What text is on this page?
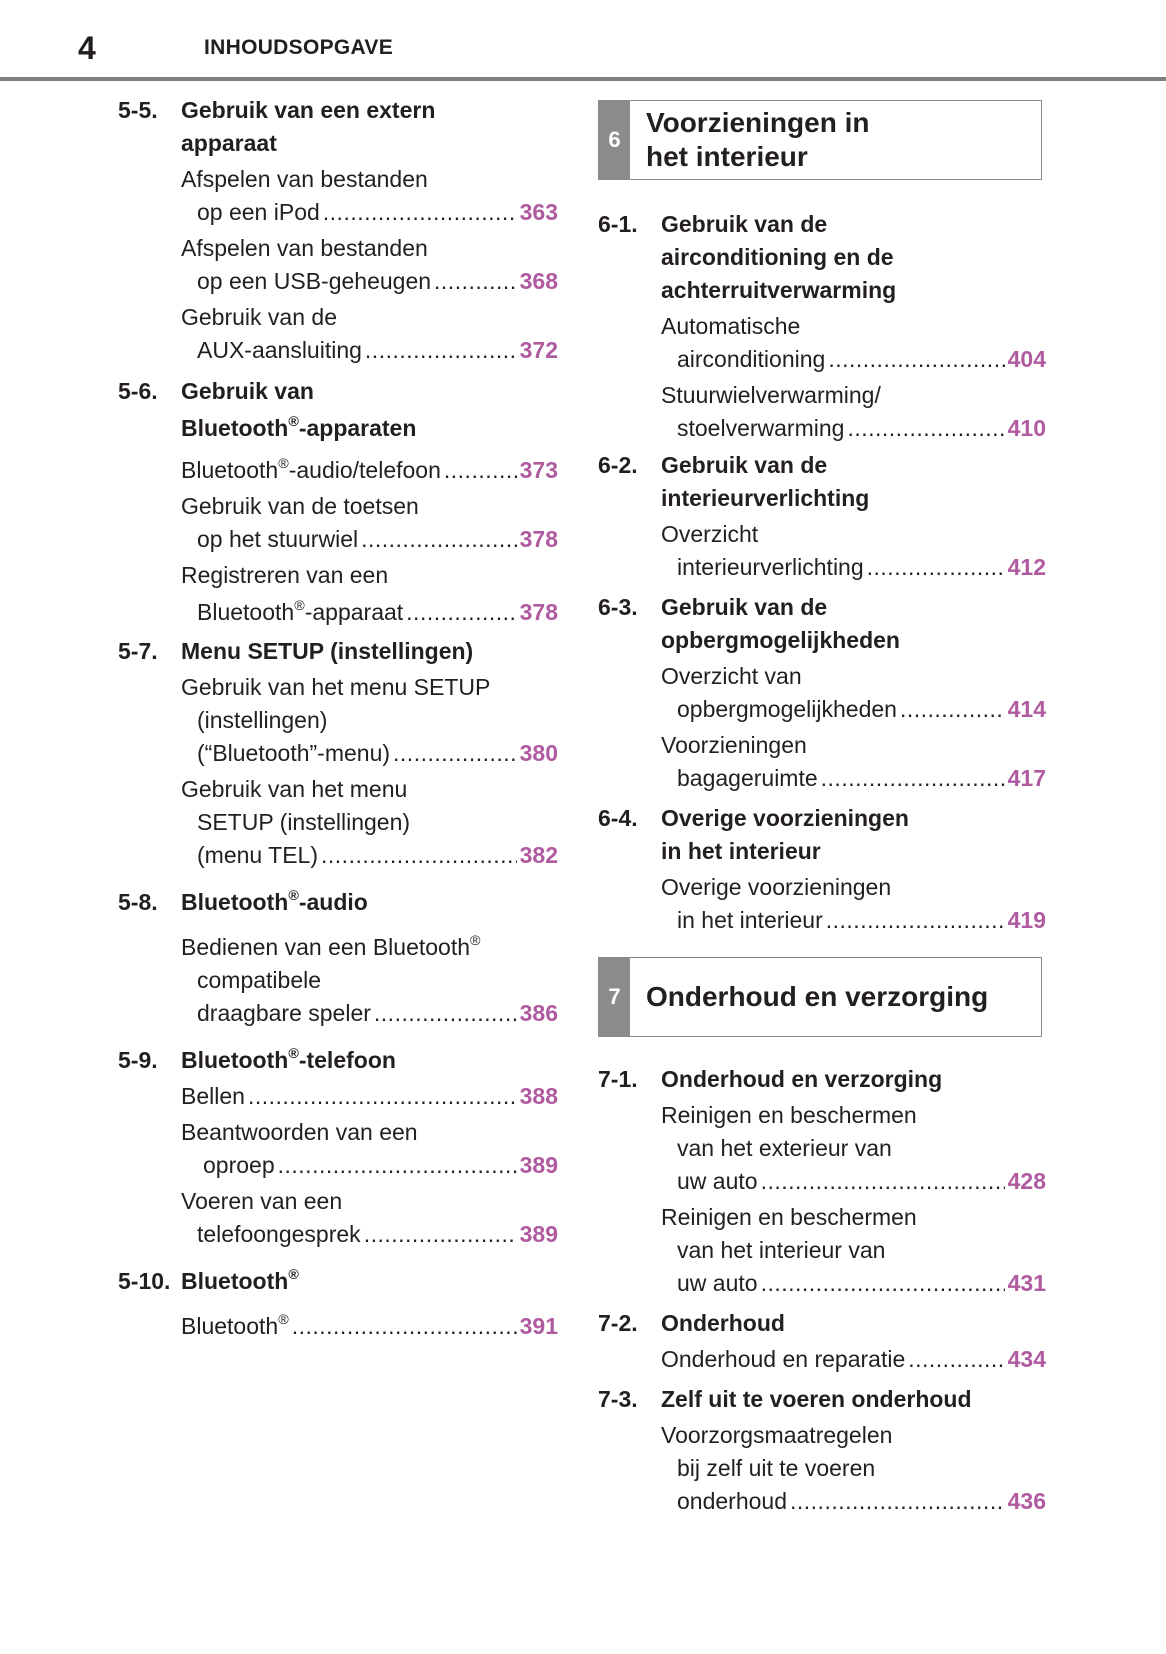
4	INHOUDSOPGAVE
5-5.	Gebruik van een extern
apparaat
Afspelen van bestanden
op een iPod .....	363
Afspelen van bestanden
op een USB-geheugen .....	368
Gebruik van de
AUX-aansluiting .....	372
5-6.	Gebruik van
Bluetooth®-apparaten
Bluetooth®-audio/telefoon .....	373
Gebruik van de toetsen
op het stuurwiel .....	378
Registreren van een
Bluetooth®-apparaat .....	378
5-7.	Menu SETUP (instellingen)
Gebruik van het menu SETUP
(instellingen)
(“Bluetooth”-menu) .....	380
Gebruik van het menu
SETUP (instellingen)
(menu TEL) .....	382
5-8.	Bluetooth®-audio
Bedienen van een Bluetooth®
compatibele
draagbare speler .....	386
5-9.	Bluetooth®-telefoon
Bellen .....	388
Beantwoorden van een
oproep .....	389
Voeren van een
telefoongesprek .....	389
5-10. Bluetooth®
Bluetooth® .....	391
6
Voorzieningen in
het interieur
6-1.	Gebruik van de
airconditioning en de
achterruitverwarming
Automatische
airconditioning .....	404
Stuurwielverwarming/
stoelverwarming .....	410
6-2.	Gebruik van de
interieurverlichting
Overzicht
interieurverlichting .....	412
6-3.	Gebruik van de
opbergmogelijkheden
Overzicht van
opbergmogelijkheden .....	414
Voorzieningen
bagageruimte .....	417
6-4.	Overige voorzieningen
in het interieur
Overige voorzieningen
in het interieur .....	419
7 Onderhoud en verzorging
7-1.	Onderhoud en verzorging
Reinigen en beschermen
van het exterieur van
uw auto .....	428
Reinigen en beschermen
van het interieur van
uw auto .....	431
7-2.	Onderhoud
Onderhoud en reparatie .....	434
7-3.	Zelf uit te voeren onderhoud
Voorzorgsmaatregelen
bij zelf uit te voeren
onderhoud .....	436
